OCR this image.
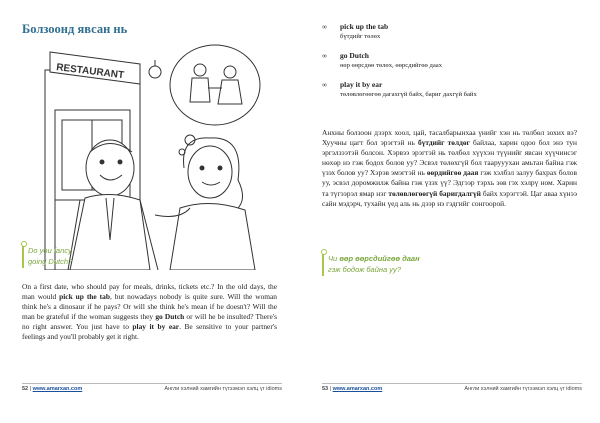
Болзоонд явсан нь
RESTAURANT
Do you fancy
going Dutch?
On a first date, who should pay for meals, drinks, tickets etc.? In the old days, the man would pick up the tab, but nowadays nobody is quite sure. Will the woman think he's a dinosaur if he pays? Or will she think he's mean if he doesn't? Will the man be grateful if the woman suggests they go Dutch or will he be insulted? There's no right answer. You just have to play it by ear. Be sensitive to your partner's feelings and you'll probably get it right.
52 | www.amarxan.com	Англи хэлний хамгийн түгээмэл хэлц үг idioms
∞ pick up the tab
бүтдийг төлөх
∞ go Dutch
өөр өөрсдөө төлөх, өөрсдийгөө даах
∞ play it by ear
төлөвлөгөөгөө дагахгүй байх, бариг дахгүй байх
Анхны болзоон дээрх хоол, цай, тасалбарынхаа үнийг хэн нь төлбөл зохих вэ? Хуучны цагт бол эрэгтэй нь бүтдийг төлдөг байлаа, харин одоо бол энэ тун эргэлзээтэй болсон. Хэрвээ эрэгтэй нь төлбөл хүүхэн түүнийг явсан хүүчинсэг нөхөр нэ гэж бодох болов уу? Эсвэл төлөхгүй бол таарууухан амьтан байна гэж үзэх болов уу? Хэрэв эмэгтэй нь өөрдийгөө даая гэж хэлбэл залуу бахрах болов уу, эсвэл доромжилж байна гэж үзэх үү? Эдгээр тэрхь зөв гэх хэлрү ном. Харин та түгээрэл ямар нэг төлөвлөгөөгүй баригдалгүй байх хэрэгтэй. Цаг аваа хүнээ сайн мэдэрч, тухайн үед аль нь дээр нэ гэдгийг сонгоорой.
Чи өөр өөрсдийгөө даан
гэж бодож байна уу?
53 | www.amarxan.com	Англи хэлний хамгийн түгээмэл хэлц үг idioms
